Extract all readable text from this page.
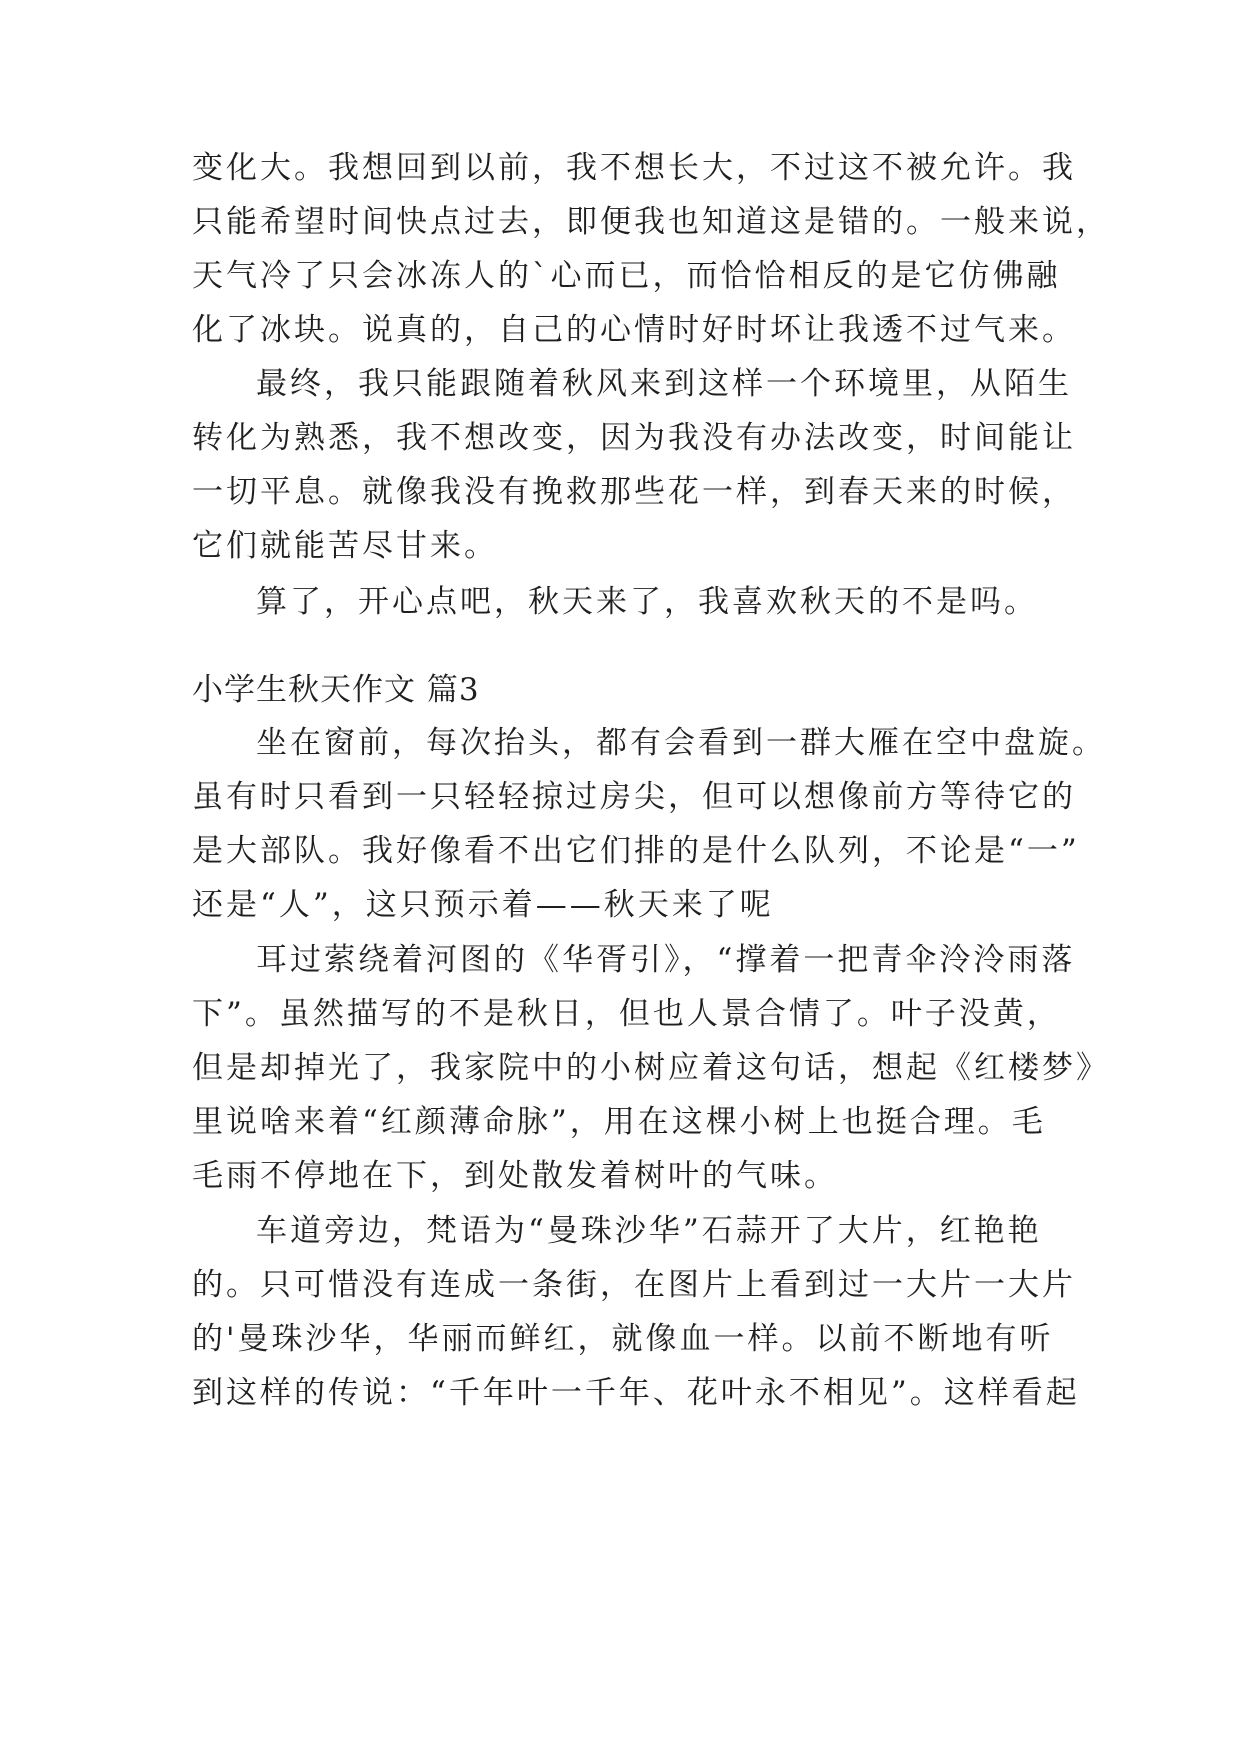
变化大。我想回到以前，我不想长大，不过这不被允许。我
只能希望时间快点过去，即便我也知道这是错的。一般来说，
天气冷了只会冰冻人的`心而已，而恰恰相反的是它仿佛融
化了冰块。说真的，自己的心情时好时坏让我透不过气来。
最终，我只能跟随着秋风来到这样一个环境里，从陌生
转化为熟悉，我不想改变，因为我没有办法改变，时间能让
一切平息。就像我没有挽救那些花一样，到春天来的时候，
它们就能苦尽甘来。
算了，开心点吧，秋天来了，我喜欢秋天的不是吗。
小学生秋天作文 篇3
坐在窗前，每次抬头，都有会看到一群大雁在空中盘旋。
虽有时只看到一只轻轻掠过房尖，但可以想像前方等待它的
是大部队。我好像看不出它们排的是什么队列，不论是“一”
还是“人”，这只预示着——秋天来了呢
耳过萦绕着河图的《华胥引》，“撑着一把青伞泠泠雨落
下”。虽然描写的不是秋日，但也人景合情了。叶子没黄，
但是却掉光了，我家院中的小树应着这句话，想起《红楼梦》
里说啥来着“红颜薄命脉”，用在这棵小树上也挺合理。毛
毛雨不停地在下，到处散发着树叶的气味。
车道旁边，梵语为“曼珠沙华”石蒜开了大片，红艳艳
的。只可惜没有连成一条街，在图片上看到过一大片一大片
的'曼珠沙华，华丽而鲜红，就像血一样。以前不断地有听
到这样的传说：“千年叶一千年、花叶永不相见”。这样看起
